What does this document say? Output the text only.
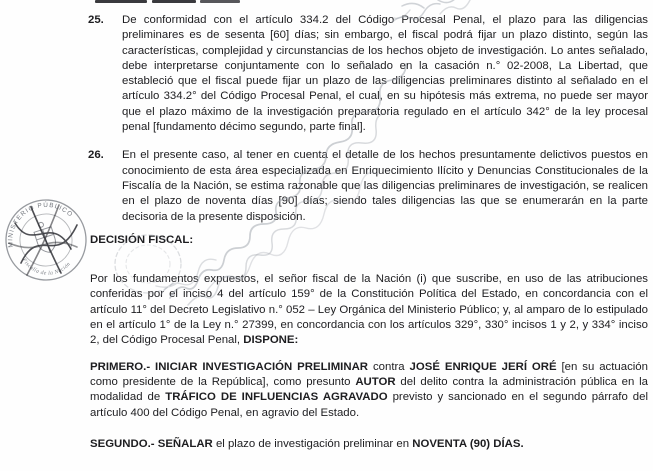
25.	De conformidad con el artículo 334.2 del Código Procesal Penal, el plazo para las diligencias preliminares es de sesenta [60] días; sin embargo, el fiscal podrá fijar un plazo distinto, según las características, complejidad y circunstancias de los hechos objeto de investigación. Lo antes señalado, debe interpretarse conjuntamente con lo señalado en la casación n.° 02-2008, La Libertad, que estableció que el fiscal puede fijar un plazo de las diligencias preliminares distinto al señalado en el artículo 334.2° del Código Procesal Penal, el cual, en su hipótesis más extrema, no puede ser mayor que el plazo máximo de la investigación preparatoria regulado en el artículo 342° de la ley procesal penal [fundamento décimo segundo, parte final].
26.	En el presente caso, al tener en cuenta el detalle de los hechos presuntamente delictivos puestos en conocimiento de esta área especializada en Enriquecimiento Ilícito y Denuncias Constitucionales de la Fiscalía de la Nación, se estima razonable que las diligencias preliminares de investigación, se realicen en el plazo de noventa días [90] días; siendo tales diligencias las que se enumerarán en la parte decisoria de la presente disposición.
DECISIÓN FISCAL:
Por los fundamentos expuestos, el señor fiscal de la Nación (i) que suscribe, en uso de las atribuciones conferidas por el inciso 4 del artículo 159° de la Constitución Política del Estado, en concordancia con el artículo 11° del Decreto Legislativo n.° 052 – Ley Orgánica del Ministerio Público; y, al amparo de lo estipulado en el artículo 1° de la Ley n.° 27399, en concordancia con los artículos 329°, 330° incisos 1 y 2, y 334° inciso 2, del Código Procesal Penal, DISPONE:
PRIMERO.- INICIAR INVESTIGACIÓN PRELIMINAR contra JOSÉ ENRIQUE JERÍ ORÉ [en su actuación como presidente de la República], como presunto AUTOR del delito contra la administración pública en la modalidad de TRÁFICO DE INFLUENCIAS AGRAVADO previsto y sancionado en el segundo párrafo del artículo 400 del Código Penal, en agravio del Estado.
SEGUNDO.- SEÑALAR el plazo de investigación preliminar en NOVENTA (90) DÍAS.
MINISTERIO PÚBLICO
Fiscalía de la Nación
